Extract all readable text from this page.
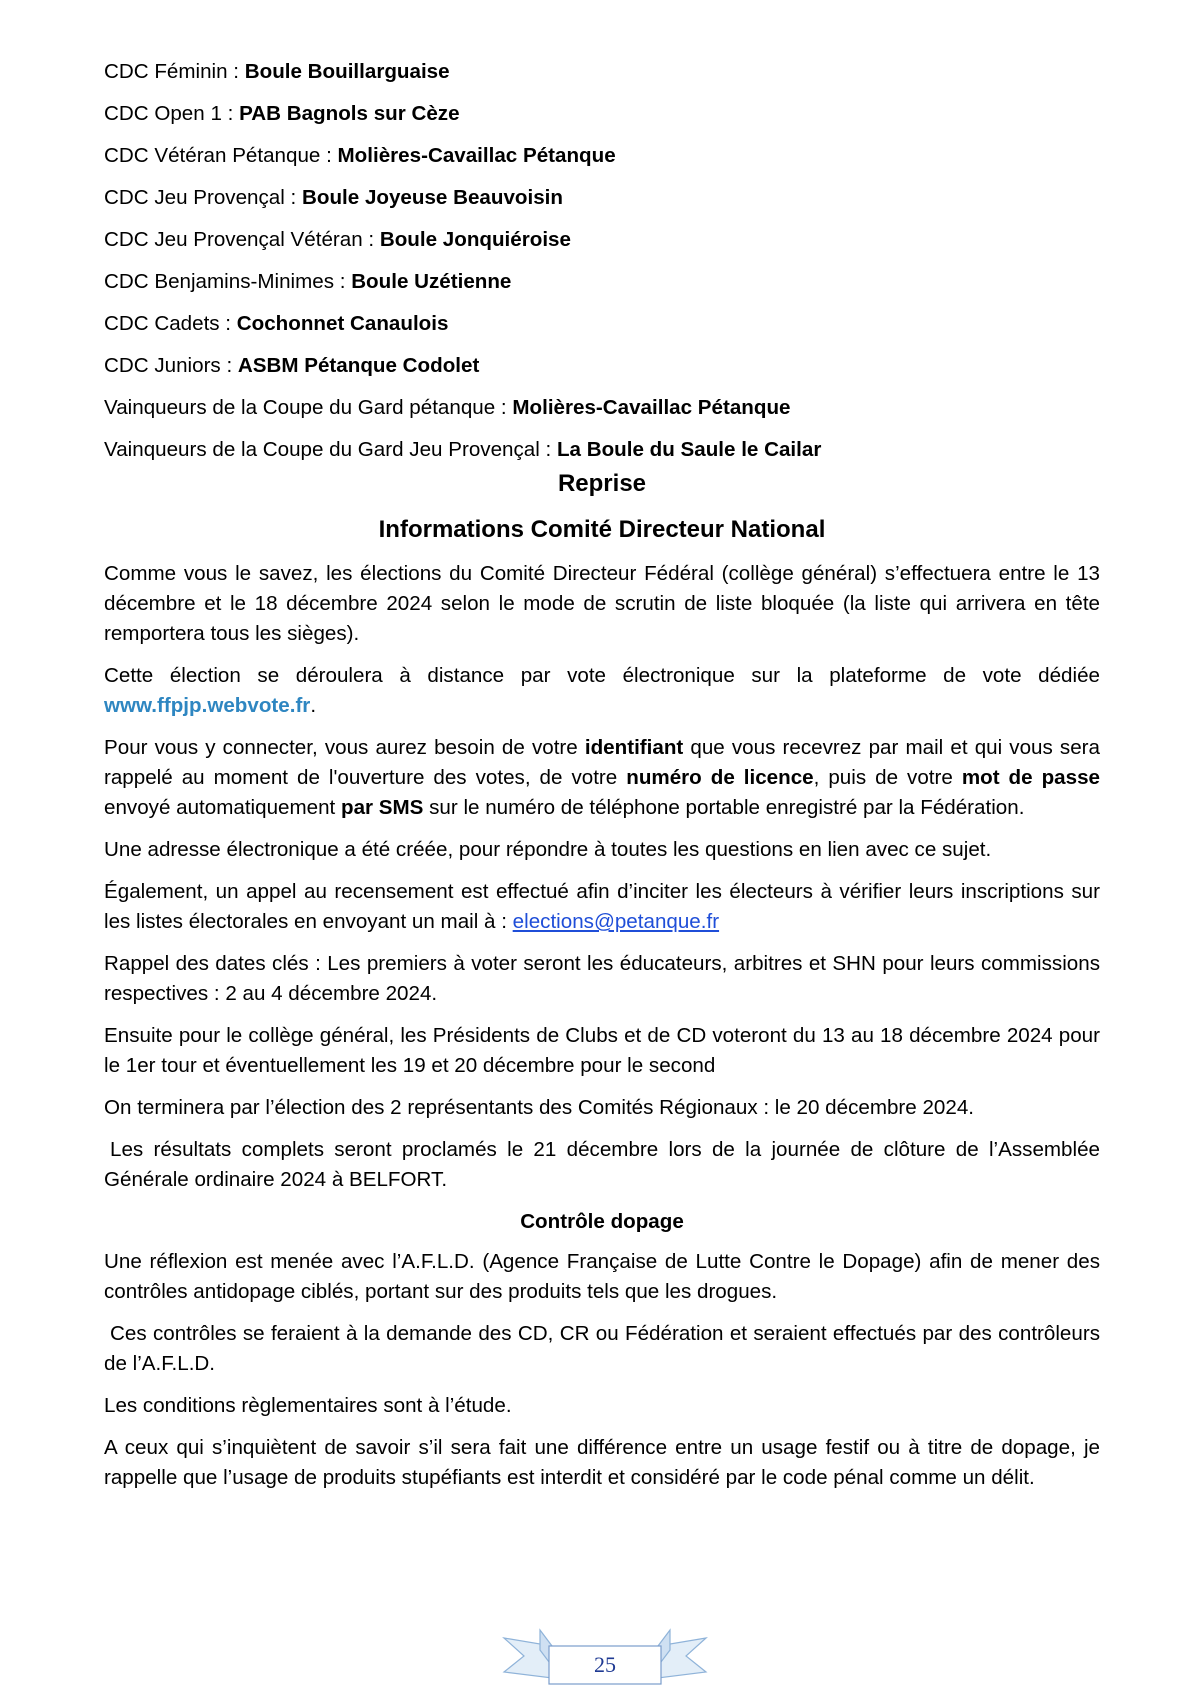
CDC Féminin : Boule Bouillarguaise
CDC Open 1 : PAB Bagnols sur Cèze
CDC Vétéran Pétanque : Molières-Cavaillac Pétanque
CDC Jeu Provençal : Boule Joyeuse Beauvoisin
CDC Jeu Provençal Vétéran : Boule Jonquiéroise
CDC Benjamins-Minimes : Boule Uzétienne
CDC Cadets : Cochonnet Canaulois
CDC Juniors : ASBM Pétanque Codolet
Vainqueurs de la Coupe du Gard pétanque : Molières-Cavaillac Pétanque
Vainqueurs de la Coupe du Gard Jeu Provençal : La Boule du Saule le Cailar
Reprise
Informations Comité Directeur National

Comme vous le savez, les élections du Comité Directeur Fédéral (collège général) s’effectuera entre le 13 décembre et le 18 décembre 2024 selon le mode de scrutin de liste bloquée (la liste qui arrivera en tête remportera tous les sièges).

Cette élection se déroulera à distance par vote électronique sur la plateforme de vote dédiée www.ffpjp.webvote.fr.

Pour vous y connecter, vous aurez besoin de votre identifiant que vous recevrez par mail et qui vous sera rappelé au moment de l'ouverture des votes, de votre numéro de licence, puis de votre mot de passe envoyé automatiquement par SMS sur le numéro de téléphone portable enregistré par la Fédération.

Une adresse électronique a été créée, pour répondre à toutes les questions en lien avec ce sujet.

Également, un appel au recensement est effectué afin d’inciter les électeurs à vérifier leurs inscriptions sur les listes électorales en envoyant un mail à : elections@petanque.fr

Rappel des dates clés : Les premiers à voter seront les éducateurs, arbitres et SHN pour leurs commissions respectives : 2 au 4 décembre 2024.

Ensuite pour le collège général, les Présidents de Clubs et de CD voteront du 13 au 18 décembre 2024 pour le 1er tour et éventuellement les 19 et 20 décembre pour le second

On terminera par l’élection des 2 représentants des Comités Régionaux : le 20 décembre 2024.

Les résultats complets seront proclamés le 21 décembre lors de la journée de clôture de l’Assemblée Générale ordinaire 2024 à BELFORT.

Contrôle dopage

Une réflexion est menée avec l’A.F.L.D. (Agence Française de Lutte Contre le Dopage) afin de mener des contrôles antidopage ciblés, portant sur des produits tels que les drogues.

Ces contrôles se feraient à la demande des CD, CR ou Fédération et seraient effectués par des contrôleurs de l’A.F.L.D.

Les conditions règlementaires sont à l’étude.

A ceux qui s’inquiètent de savoir s’il sera fait une différence entre un usage festif ou à titre de dopage, je rappelle que l’usage de produits stupéfiants est interdit et considéré par le code pénal comme un délit.

25
